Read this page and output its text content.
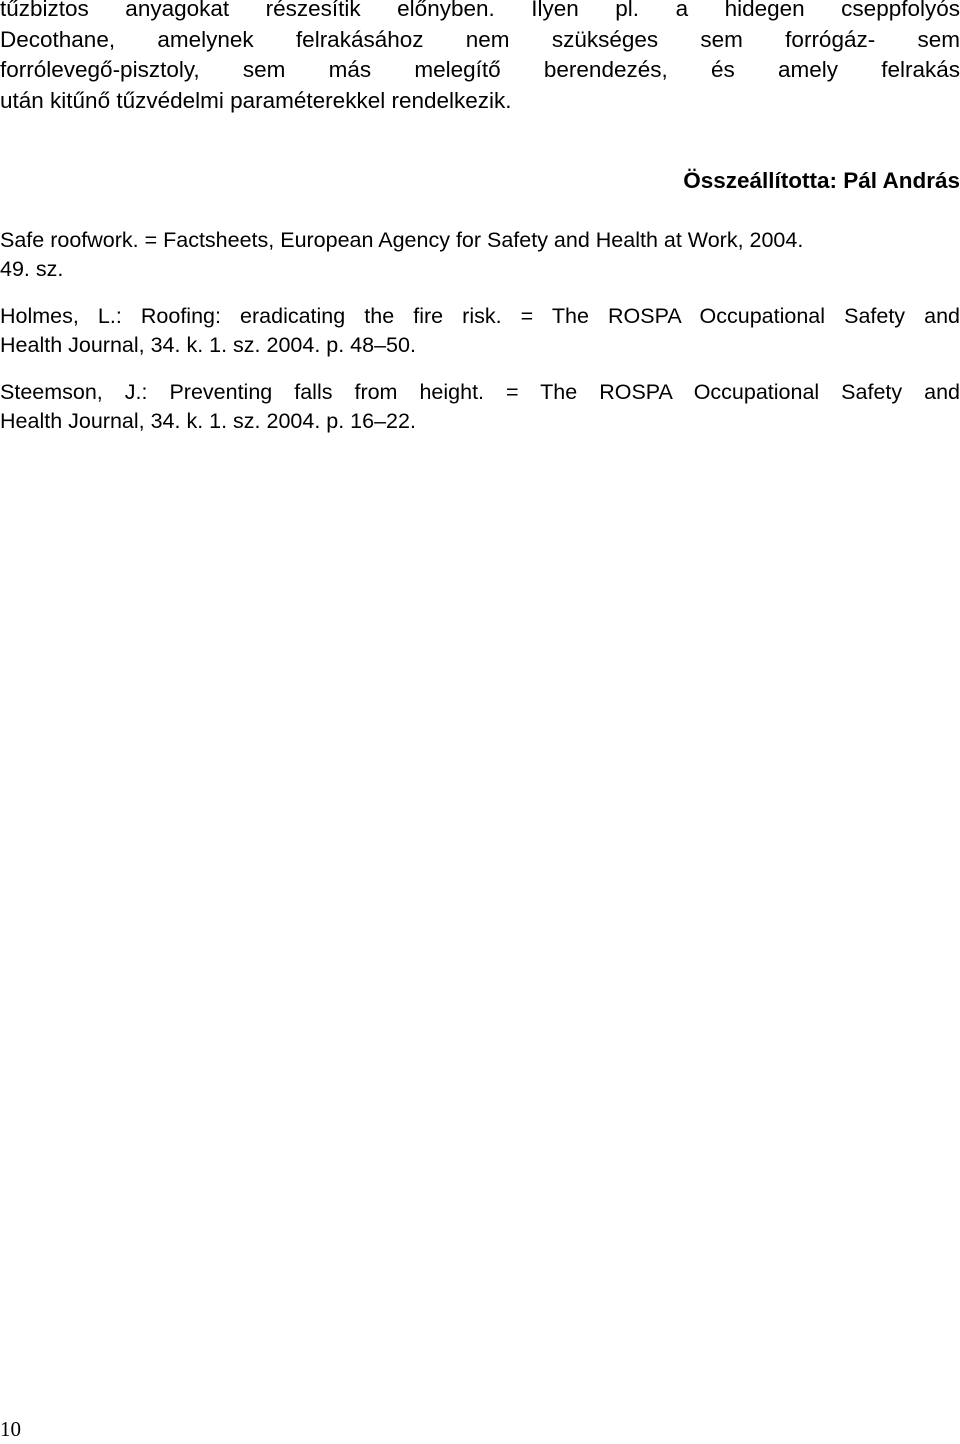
tűzbiztos anyagokat részesítik előnyben. Ilyen pl. a hidegen cseppfolyós
Decothane, amelynek felrakásához nem szükséges sem forrógáz- sem
forrólevegő-pisztoly, sem más melegítő berendezés, és amely felrakás
után kitűnő tűzvédelmi paraméterekkel rendelkezik.

Összeállította: Pál András

Safe roofwork. = Factsheets, European Agency for Safety and Health at Work, 2004.
49. sz.
Holmes, L.: Roofing: eradicating the fire risk. = The ROSPA Occupational Safety and
Health Journal, 34. k. 1. sz. 2004. p. 48–50.
Steemson, J.: Preventing falls from height. = The ROSPA Occupational Safety and
Health Journal, 34. k. 1. sz. 2004. p. 16–22.
10
